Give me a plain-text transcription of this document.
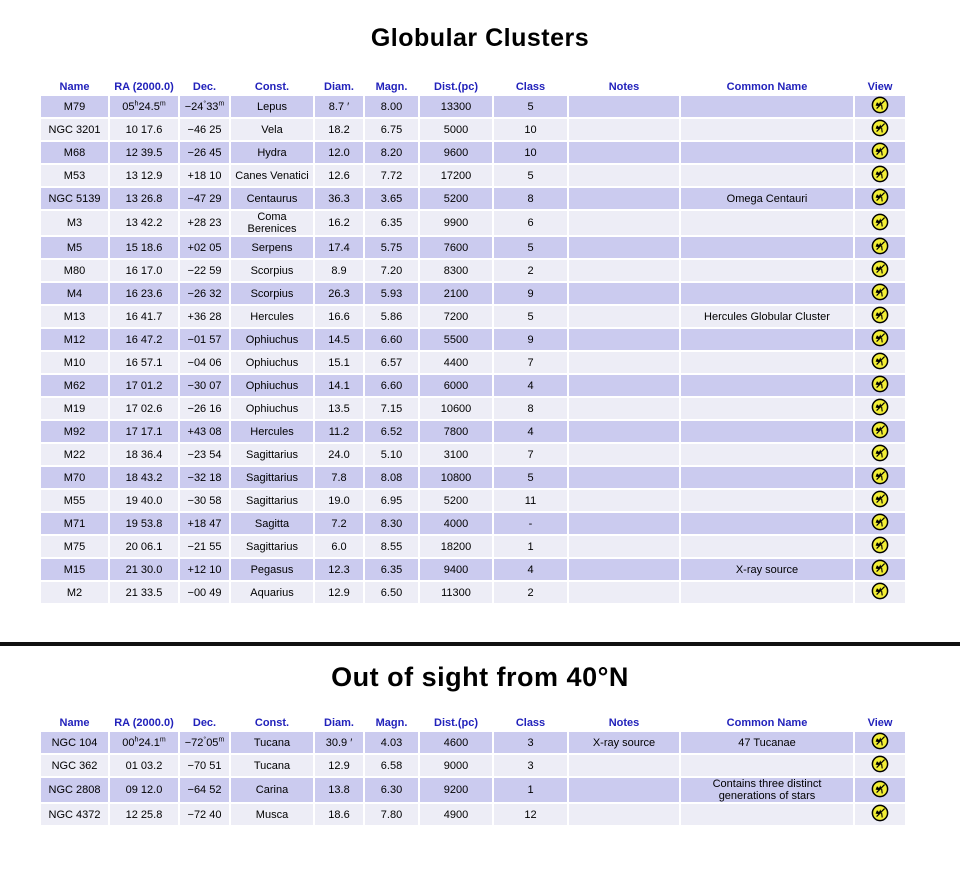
Globular Clusters
Name	RA (2000.0)	Dec.	Const.	Diam.	Magn.	Dist.(pc)	Class	Notes	Common Name	View
M79	$05^h24.5^m$	$-24^\circ 33^m$	Lepus	8.7 ′	8.00	13300	5			
NGC 3201	10 17.6	−46 25	Vela	18.2	6.75	5000	10			
M68	12 39.5	−26 45	Hydra	12.0	8.20	9600	10			
M53	13 12.9	+18 10	Canes Venatici	12.6	7.72	17200	5			
NGC 5139	13 26.8	−47 29	Centaurus	36.3	3.65	5200	8		Omega Centauri	
M3	13 42.2	+28 23	Coma Berenices	16.2	6.35	9900	6			
M5	15 18.6	+02 05	Serpens	17.4	5.75	7600	5			
M80	16 17.0	−22 59	Scorpius	8.9	7.20	8300	2			
M4	16 23.6	−26 32	Scorpius	26.3	5.93	2100	9			
M13	16 41.7	+36 28	Hercules	16.6	5.86	7200	5		Hercules Globular Cluster	
M12	16 47.2	−01 57	Ophiuchus	14.5	6.60	5500	9			
M10	16 57.1	−04 06	Ophiuchus	15.1	6.57	4400	7			
M62	17 01.2	−30 07	Ophiuchus	14.1	6.60	6000	4			
M19	17 02.6	−26 16	Ophiuchus	13.5	7.15	10600	8			
M92	17 17.1	+43 08	Hercules	11.2	6.52	7800	4			
M22	18 36.4	−23 54	Sagittarius	24.0	5.10	3100	7			
M70	18 43.2	−32 18	Sagittarius	7.8	8.08	10800	5			
M55	19 40.0	−30 58	Sagittarius	19.0	6.95	5200	11			
M71	19 53.8	+18 47	Sagitta	7.2	8.30	4000	-			
M75	20 06.1	−21 55	Sagittarius	6.0	8.55	18200	1			
M15	21 30.0	+12 10	Pegasus	12.3	6.35	9400	4		X-ray source	
M2	21 33.5	−00 49	Aquarius	12.9	6.50	11300	2			
Out of sight from 40°N
Name	RA (2000.0)	Dec.	Const.	Diam.	Magn.	Dist.(pc)	Class	Notes	Common Name	View
NGC 104	$00^h24.1^m$	$-72^\circ 05^m$	Tucana	30.9 ′	4.03	4600	3	X-ray source	47 Tucanae	
NGC 362	01 03.2	−70 51	Tucana	12.9	6.58	9000	3			
NGC 2808	09 12.0	−64 52	Carina	13.8	6.30	9200	1		Contains three distinct generations of stars	
NGC 4372	12 25.8	−72 40	Musca	18.6	7.80	4900	12			
